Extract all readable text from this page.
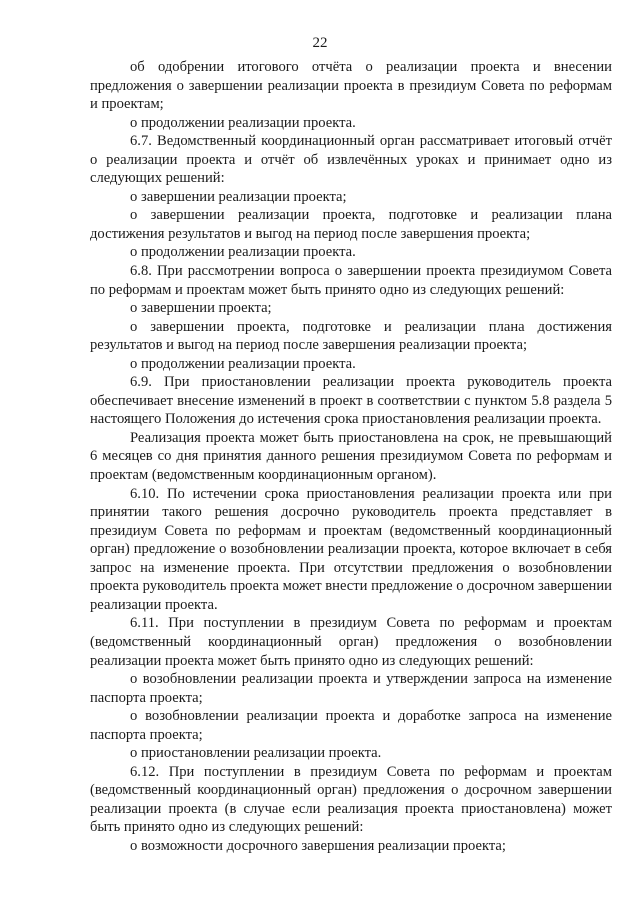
22

об одобрении итогового отчёта о реализации проекта и внесении предложения о завершении реализации проекта в президиум Совета по реформам и проектам;

о продолжении реализации проекта.

6.7. Ведомственный координационный орган рассматривает итоговый отчёт о реализации проекта и отчёт об извлечённых уроках и принимает одно из следующих решений:

о завершении реализации проекта;

о завершении реализации проекта, подготовке и реализации плана достижения результатов и выгод на период после завершения проекта;

о продолжении реализации проекта.

6.8. При рассмотрении вопроса о завершении проекта президиумом Совета по реформам и проектам может быть принято одно из следующих решений:

о завершении проекта;

о завершении проекта, подготовке и реализации плана достижения результатов и выгод на период после завершения реализации проекта;

о продолжении реализации проекта.

6.9. При приостановлении реализации проекта руководитель проекта обеспечивает внесение изменений в проект в соответствии с пунктом 5.8 раздела 5 настоящего Положения до истечения срока приостановления реализации проекта.

Реализация проекта может быть приостановлена на срок, не превышающий 6 месяцев со дня принятия данного решения президиумом Совета по реформам и проектам (ведомственным координационным органом).

6.10. По истечении срока приостановления реализации проекта или при принятии такого решения досрочно руководитель проекта представляет в президиум Совета по реформам и проектам (ведомственный координационный орган) предложение о возобновлении реализации проекта, которое включает в себя запрос на изменение проекта. При отсутствии предложения о возобновлении проекта руководитель проекта может внести предложение о досрочном завершении реализации проекта.

6.11. При поступлении в президиум Совета по реформам и проектам (ведомственный координационный орган) предложения о возобновлении реализации проекта может быть принято одно из следующих решений:

о возобновлении реализации проекта и утверждении запроса на изменение паспорта проекта;

о возобновлении реализации проекта и доработке запроса на изменение паспорта проекта;

о приостановлении реализации проекта.

6.12. При поступлении в президиум Совета по реформам и проектам (ведомственный координационный орган) предложения о досрочном завершении реализации проекта (в случае если реализация проекта приостановлена) может быть принято одно из следующих решений:

о возможности досрочного завершения реализации проекта;
